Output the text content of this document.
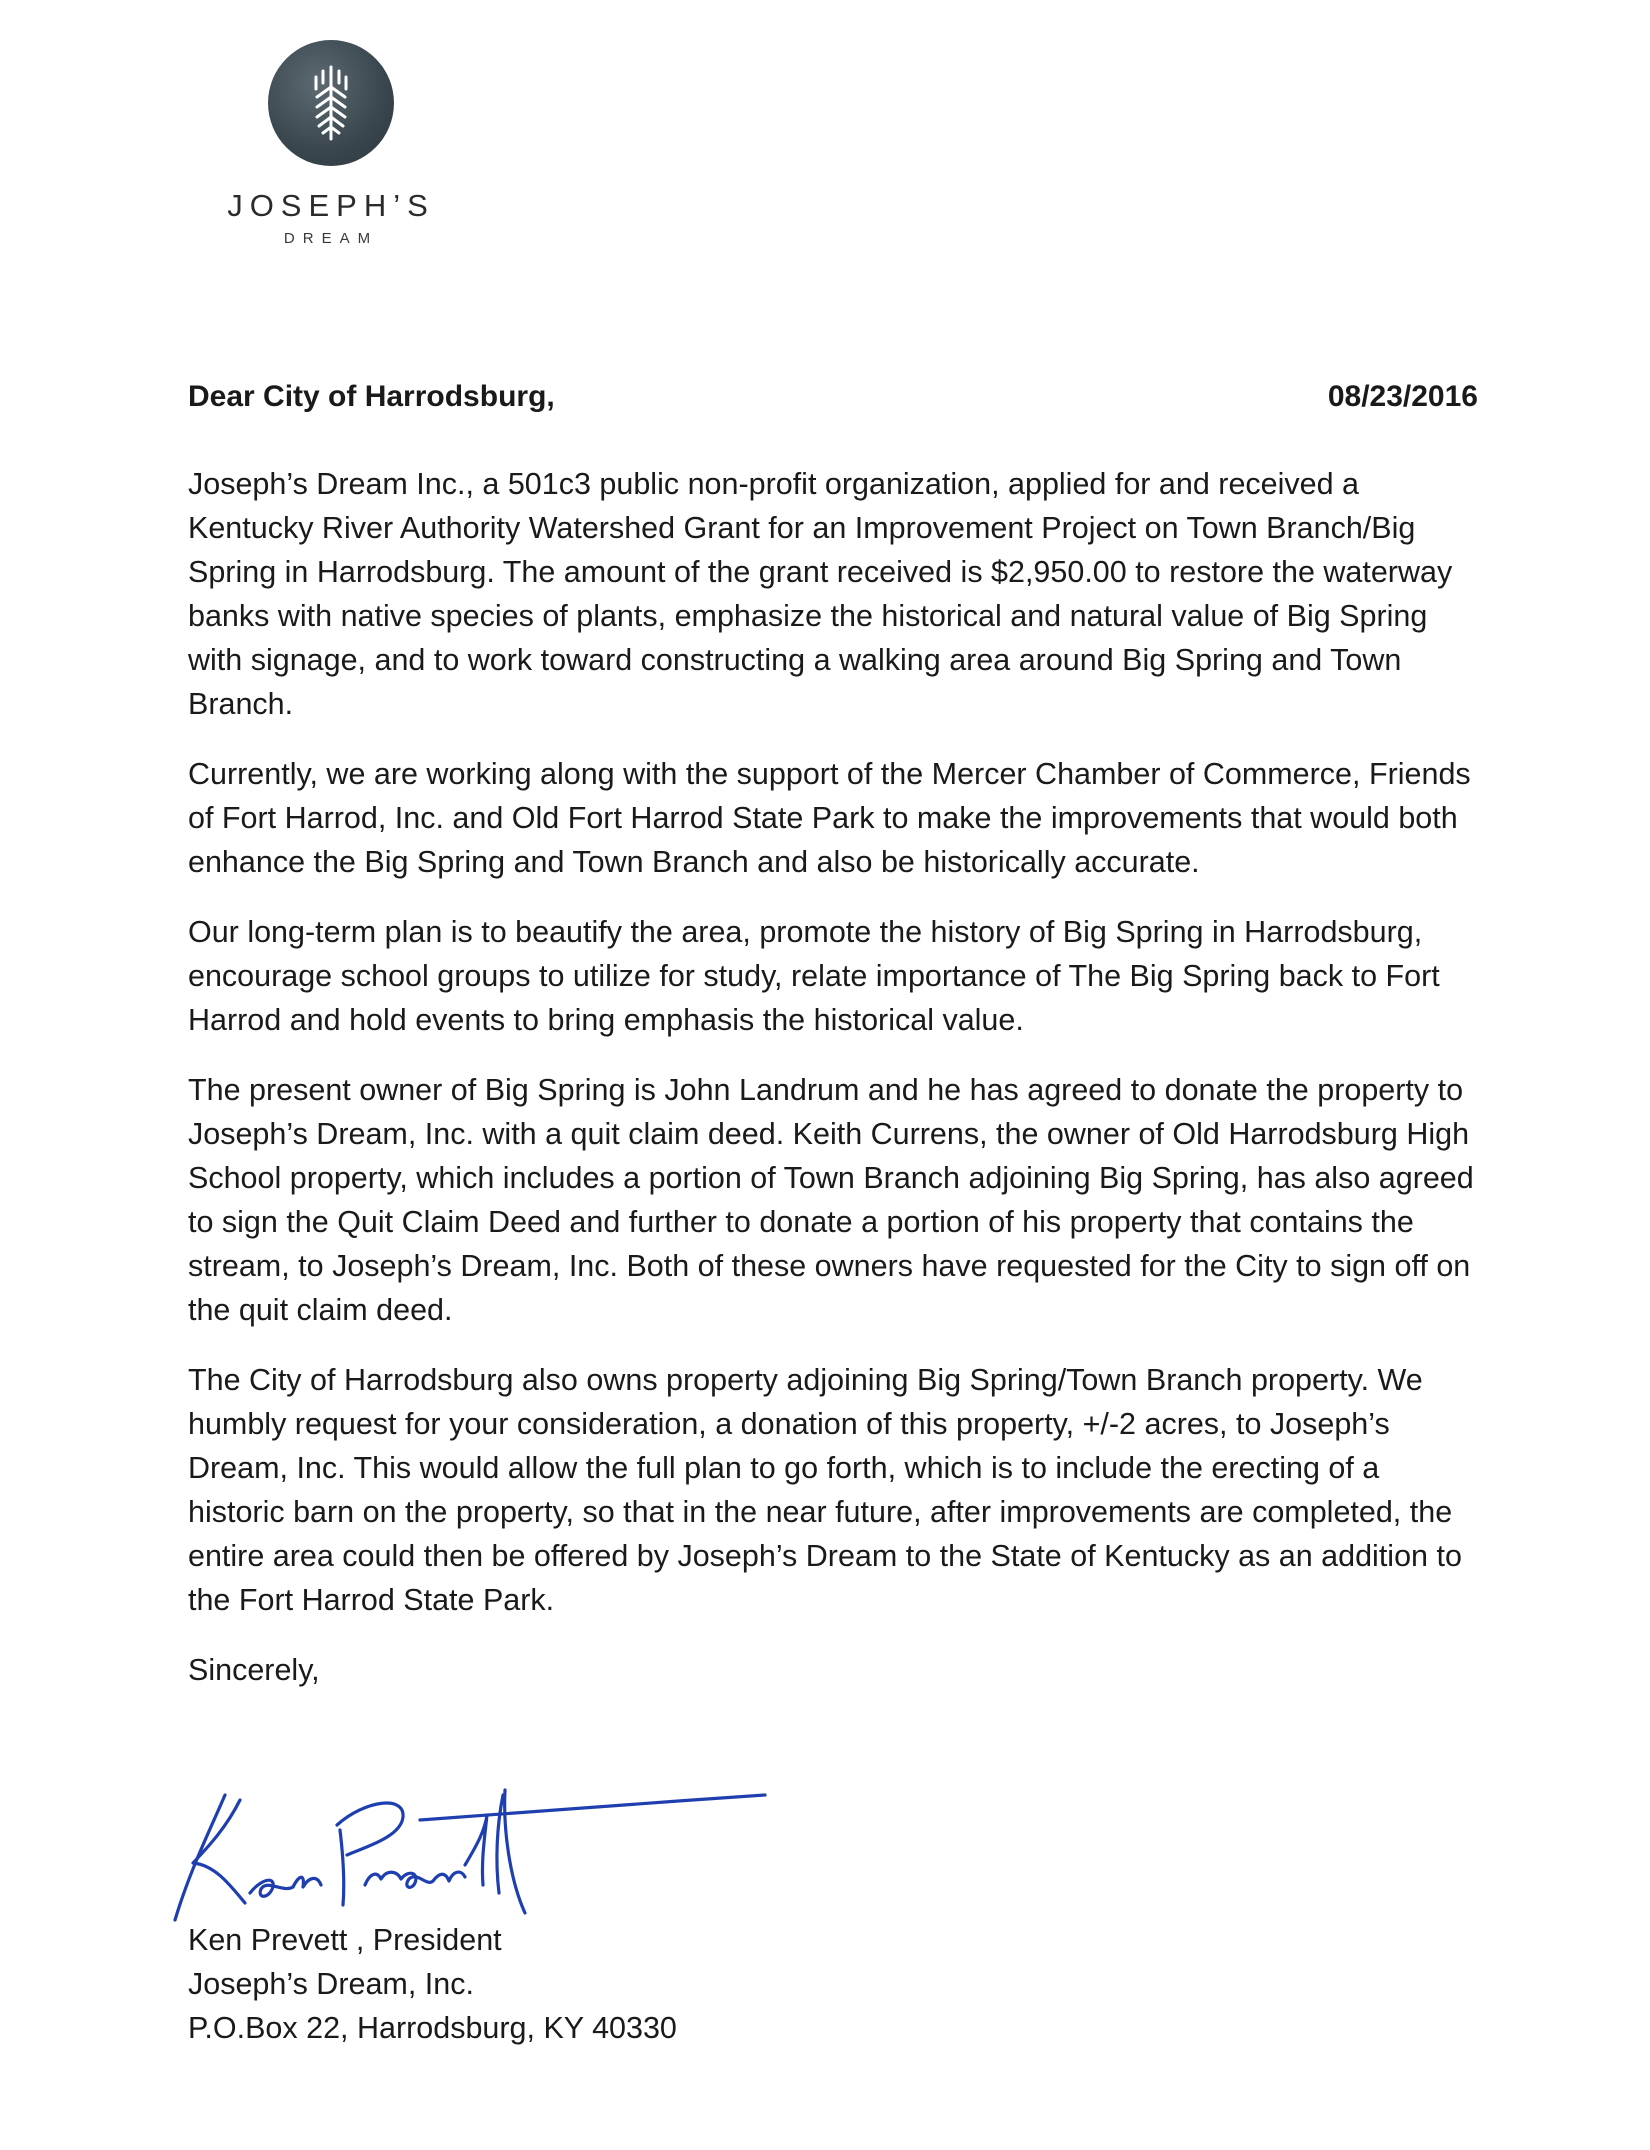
JOSEPH’S
DREAM
Dear City of Harrodsburg,	08/23/2016

Joseph’s Dream Inc., a 501c3 public non-profit organization, applied for and received a Kentucky River Authority Watershed Grant for an Improvement Project on Town Branch/Big Spring in Harrodsburg. The amount of the grant received is $2,950.00 to restore the waterway banks with native species of plants, emphasize the historical and natural value of Big Spring with signage, and to work toward constructing a walking area around Big Spring and Town Branch.

Currently, we are working along with the support of the Mercer Chamber of Commerce, Friends of Fort Harrod, Inc. and Old Fort Harrod State Park to make the improvements that would both enhance the Big Spring and Town Branch and also be historically accurate.

Our long-term plan is to beautify the area, promote the history of Big Spring in Harrodsburg, encourage school groups to utilize for study, relate importance of The Big Spring back to Fort Harrod and hold events to bring emphasis the historical value.

The present owner of Big Spring is John Landrum and he has agreed to donate the property to Joseph’s Dream, Inc. with a quit claim deed. Keith Currens, the owner of Old Harrodsburg High School property, which includes a portion of Town Branch adjoining Big Spring, has also agreed to sign the Quit Claim Deed and further to donate a portion of his property that contains the stream, to Joseph’s Dream, Inc. Both of these owners have requested for the City to sign off on the quit claim deed.

The City of Harrodsburg also owns property adjoining Big Spring/Town Branch property. We humbly request for your consideration, a donation of this property, +/-2 acres, to Joseph’s Dream, Inc. This would allow the full plan to go forth, which is to include the erecting of a historic barn on the property, so that in the near future, after improvements are completed, the entire area could then be offered by Joseph’s Dream to the State of Kentucky as an addition to the Fort Harrod State Park.

Sincerely,

Ken Prevett , President
Joseph’s Dream, Inc.
P.O.Box 22, Harrodsburg, KY 40330
